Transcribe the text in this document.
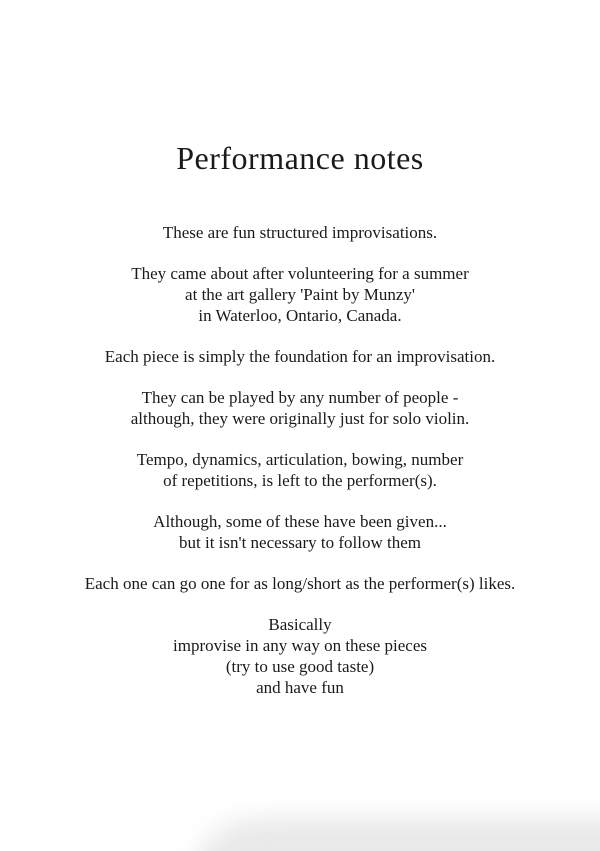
Performance notes

These are fun structured improvisations.

They came about after volunteering for a summer
at the art gallery 'Paint by Munzy'
in Waterloo, Ontario, Canada.

Each piece is simply the foundation for an improvisation.

They can be played by any number of people -
although, they were originally just for solo violin.

Tempo, dynamics, articulation, bowing, number
of repetitions, is left to the performer(s).

Although, some of these have been given...
but it isn't necessary to follow them

Each one can go one for as long/short as the performer(s) likes.

Basically
improvise in any way on these pieces
(try to use good taste)
and have fun
